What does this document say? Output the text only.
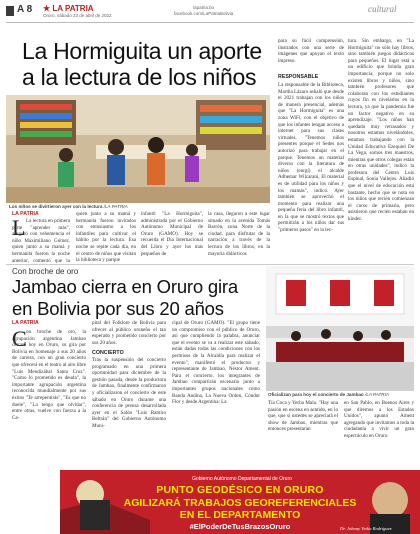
A 8 ★ LA PATRIA
Oruro, sábado 23 de abril de 2022
lapatria.bo
facebook.com/LaPatriaBolivia	cultural
La Hormiguita un aporte
a la lectura de los niños
Los niños se divirtieron ayer con la lectura /LA PATRIA
LA PATRIA
L La lectura en primera parte "aprender más", aseguró con vehemencia el niño Maximiliano Gómez, quien junto a su mamá y hermanita fueron la noche anterior, comentó que la
quien junto a su mamá y hermanita fueron invitados con entusiasmo a los infantiles para cultivar el hábito por la lectura. Esa noche se repite cada día, en el centro de niños que visitan la biblioteca y parque
infantil "La Hormiguita", administrada por el Gobierno Autónomo Municipal de Oruro (GAMO). Hoy se recuerda el Día Internacional del Libro y ayer los más pequeños de
la casa, llegaron a este lugar situado en la avenida Tomás Barrón, zona Norte de la ciudad, para disfrutar de la narración a través de la lectura de los libros, en la mayoría didácticos
para su fácil comprensión, ilustrados con una serie de imágenes que apoyan el texto impreso.
RESPONSABLE
La responsable de la Biblioteca, Martha Lázaro señaló que desde el 2021 trabajan con los niños de manera presencial, además que "La Hormiguita" es una zona WiFi, con el objetivo de que los infantes tengan acceso a internet para sus clases virtuales. "Tenemos niños presentes porque el Sedes nos autorizó para trabajar en el parque. Tenemos un material diverso con la literatura de niños (enrgí) el alcalde Adhemar Wilcarani, El material es de utilidad para los niños y los mamás", indicó. Ayer también se aprovechó el momento para realizar una pequeña feria del libro infantil, en la que se mostró textos que permitirán a los niños dar sus "primeros pasos" en la lec-
tura. Sin embargo, en "La Hormiguita" no sólo hay libros, sino también juegos didácticos para pequeños. El lugar está a un edificio que brinda gran importancia, porque no solo existen libros y niños, sino también profesores que colaboran con los estudiantes cuyos fin es nivelarlos en la lectura, ya que la pandemia fue un factor negativo en su aprendizaje. "Los niños han quedado muy retrasados y nosotros estamos nivelándoles, estamos trabajando con la Unidad Educativa Ezequiel De La Vega, somos tres maestros, mientras que otros colegas están en otras unidades", indicó la profesora del Centro Luis Espinal, Sonia Vallejos. Añadió que el nivel de educación está bastante, hecho que se nota en los niños que recién comienzan el curso de primaria, pero asistieron que recién estaban en kínder.
Con broche de oro
Jambao cierra en Oruro gira
en Bolivia por sus 20 años
Oficializan para hoy el concierto de Jambao /LA PATRIA
LA PATRIA
C on broche de oro, la agrupación argentina Jambao cerrará hoy en Oruro, su gira por Bolivia en homenaje a sus 20 años de carrera, con un gran concierto que ofrecerá en el teatro al aire libre "Luis Mendizábal Santa Cruz". "Como lo prometido es deuda", la importante agrupación argentina reconocida mundialmente por sus éxitos "Te arrepentirás", "Es que no duele", "La tengo que olvidar", entre otras, vuelve con fuerza a la Ca-
pital del Folklore de Bolivia para ofrecer al público oruneño el tan esperado y prometido concierto por sus 20 años.
CONCIERTO
Tras la suspensión del concierto programado en una primera oportunidad para diciembre de la gestión pasada, desde la productora de Jambao, finalmente confirmaron y oficializaron el concierto de este sábado en Oruro durante una conferencia de prensa desarrollada ayer en el Salón "Luis Ramiro Beltrán" del Gobierno Autónomo Muni-
cipal de Oruro (GAMO). "El grupo tiene un compromiso con el público de Oruro, así que cumpliendo la palabra, anunciar que el evento se va a realizar este sábado, están dadas todas las condiciones con los permisos de la Alcaldía para realizar el evento", manifestó el productor y representante de Jambao, Néstor Ament. Para el concierto, los integrantes de Jambao compartirán escenario junto a importantes grupos nacionales como Banda Andina, La Nueva Orden, Cóndor Flor y desde Argentina: La	Tía Coca y Yerba Mala. "Hay una pasión en escena en sentido, en lo que, que si ustedes se apreciará el show de Jambao, mientras que entonces presentarán
en San Pablo, en Buenos Aires y que diremos a los Estados Unidos", apuntó Ament agregando que invitamos a toda la ciudadanía a vivir un gran espectáculo en Oruro.
Gobierno Autónomo Departamental de Oruro
PUNTO GEODÉSICO EN ORURO
AGILIZARÁ TRABAJOS GEOREFERENCIALES
EN EL DEPARTAMENTO
#ElPoderDeTusBrazosOruro	Dr. Johnny Vedia Rodríguez
